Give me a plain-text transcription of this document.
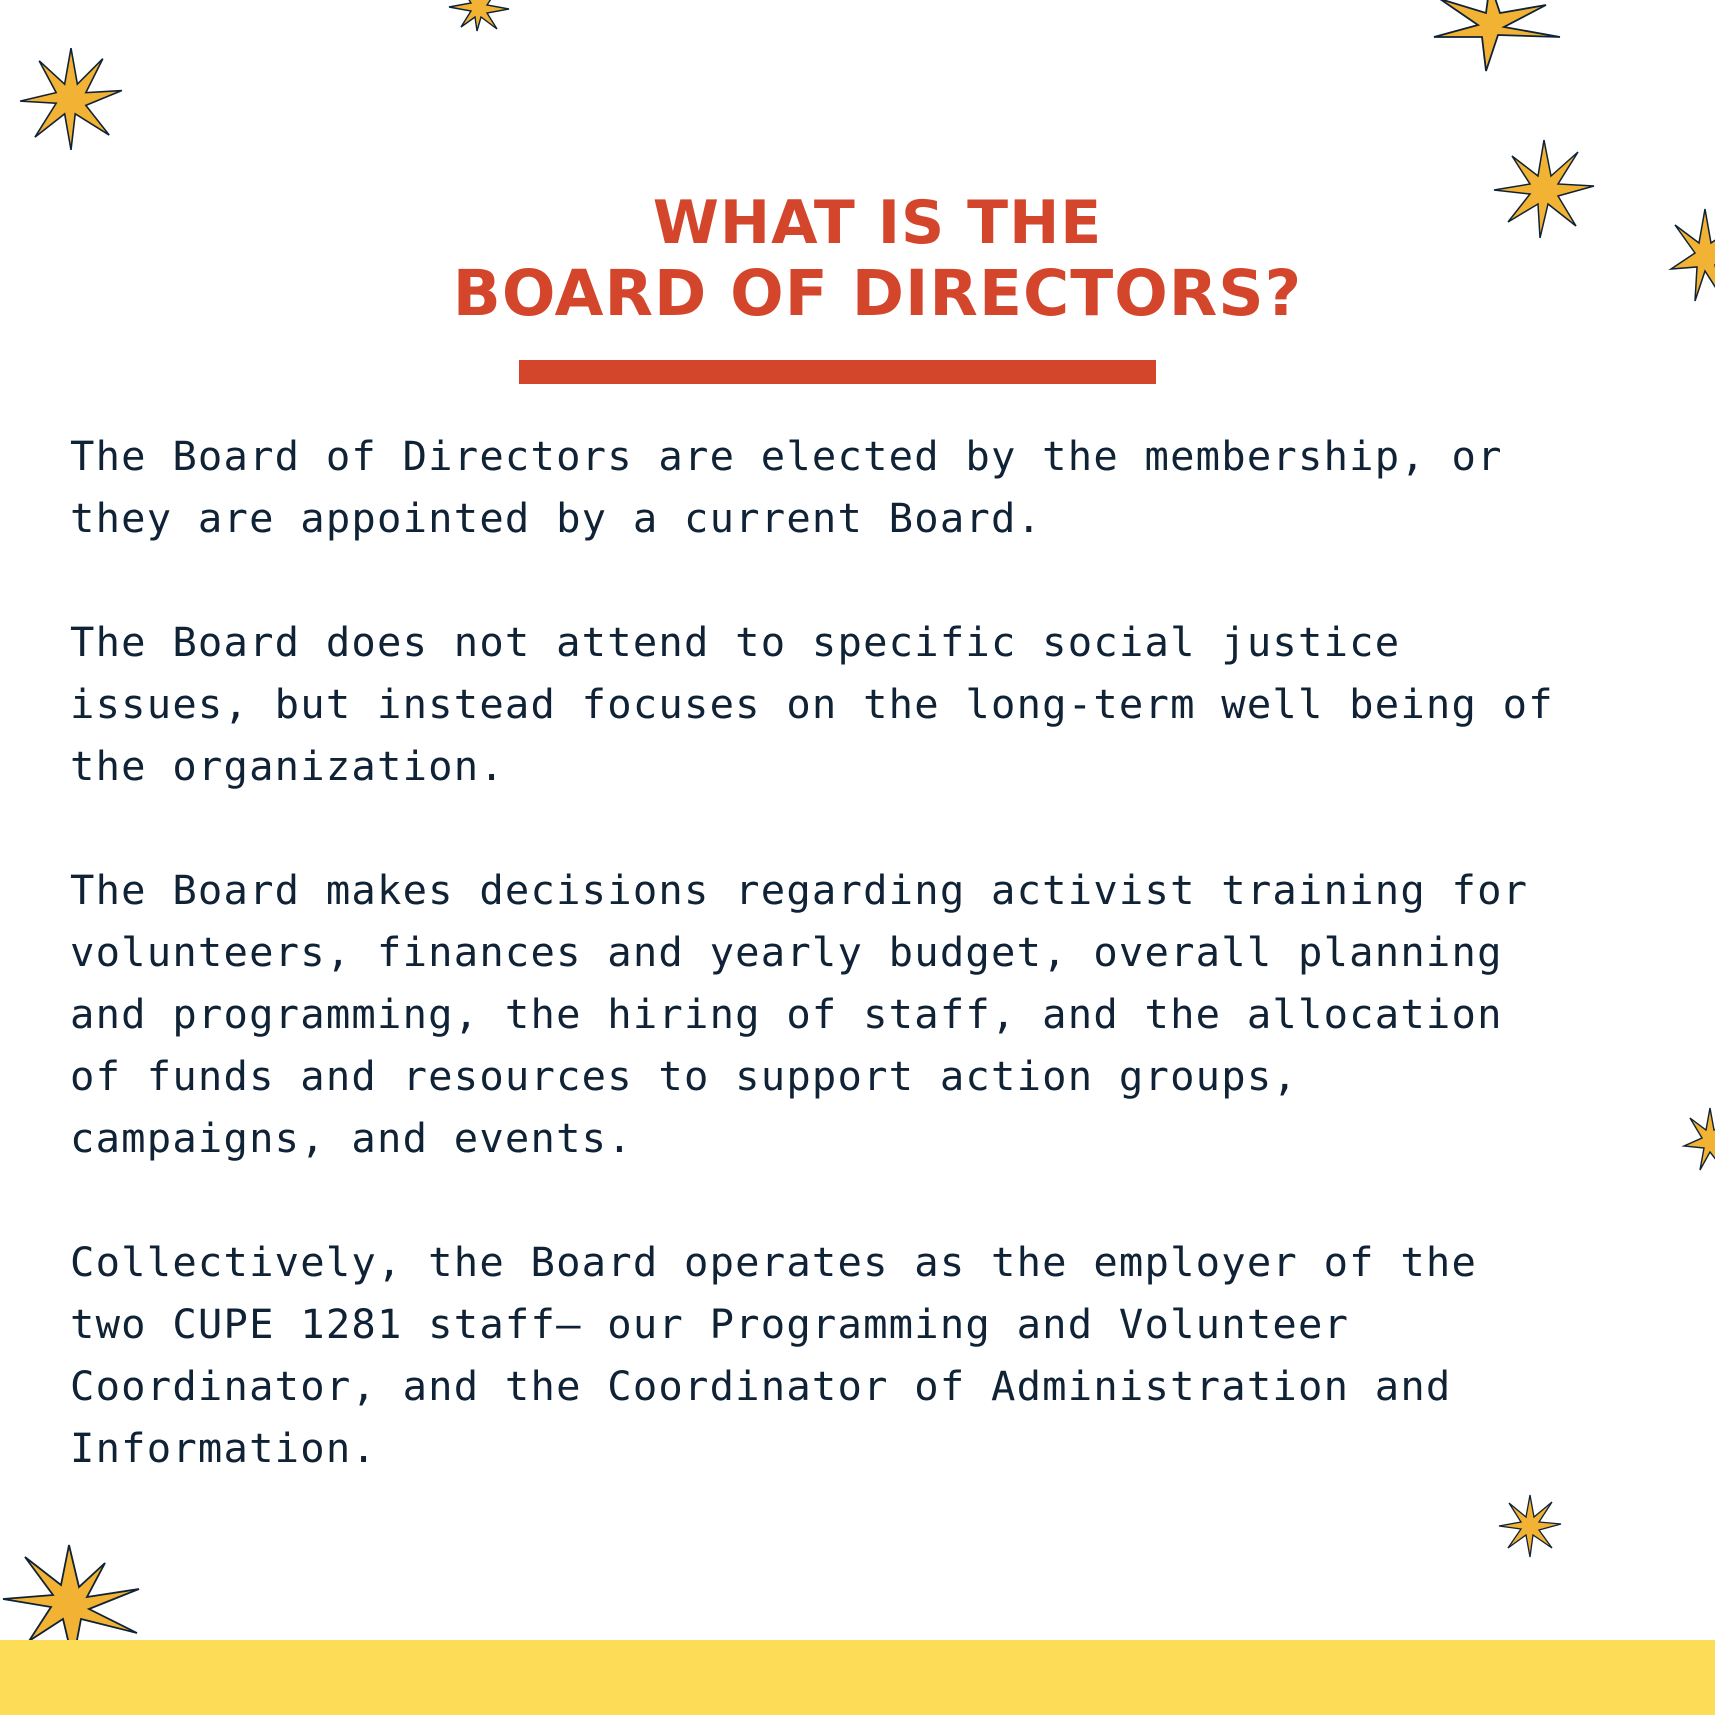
WHAT IS THE
BOARD OF DIRECTORS?

The Board of Directors are elected by the membership, or
they are appointed by a current Board.

The Board does not attend to specific social justice
issues, but instead focuses on the long-term well being of
the organization.

The Board makes decisions regarding activist training for
volunteers, finances and yearly budget, overall planning
and programming, the hiring of staff, and the allocation
of funds and resources to support action groups,
campaigns, and events.

Collectively, the Board operates as the employer of the
two CUPE 1281 staff— our Programming and Volunteer
Coordinator, and the Coordinator of Administration and
Information.
